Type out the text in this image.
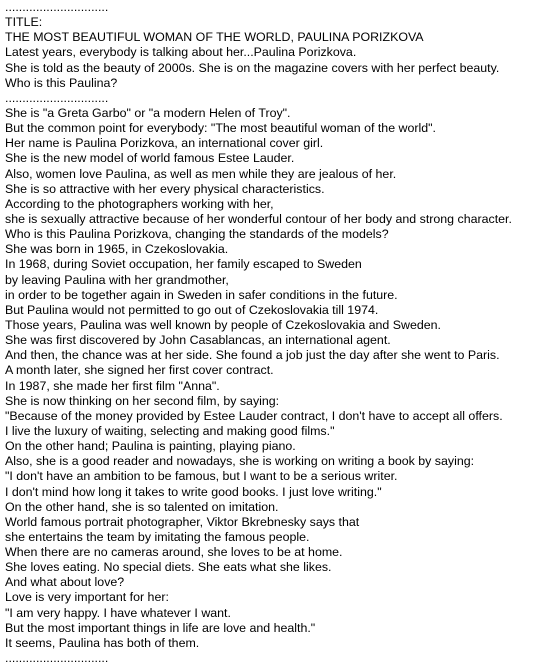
..............................
TITLE:
THE MOST BEAUTIFUL WOMAN OF THE WORLD, PAULINA PORIZKOVA
Latest years, everybody is talking about her...Paulina Porizkova.
She is told as the beauty of 2000s. She is on the magazine covers with her perfect beauty.
Who is this Paulina?
..............................
She is "a Greta Garbo" or "a modern Helen of Troy".
But the common point for everybody: "The most beautiful woman of the world".
Her name is Paulina Porizkova, an international cover girl.
She is the new model of world famous Estee Lauder.
Also, women love Paulina, as well as men while they are jealous of her.
She is so attractive with her every physical characteristics.
According to the photographers working with her,
she is sexually attractive because of her wonderful contour of her body and strong character.
Who is this Paulina Porizkova, changing the standards of the models?
She was born in 1965, in Czekoslovakia.
In 1968, during Soviet occupation, her family escaped to Sweden
by leaving Paulina with her grandmother,
in order to be together again in Sweden in safer conditions in the future.
But Paulina would not permitted to go out of Czekoslovakia till 1974.
Those years, Paulina was well known by people of Czekoslovakia and Sweden.
She was first discovered by John Casablancas, an international agent.
And then, the chance was at her side. She found a job just the day after she went to Paris.
A month later, she signed her first cover contract.
In 1987, she made her first film "Anna".
She is now thinking on her second film, by saying:
"Because of the money provided by Estee Lauder contract, I don't have to accept all offers.
I live the luxury of waiting, selecting and making good films."
On the other hand; Paulina is painting, playing piano.
Also, she is a good reader and nowadays, she is working on writing a book by saying:
"I don't have an ambition to be famous, but I want to be a serious writer.
I don't mind how long it takes to write good books. I just love writing."
On the other hand, she is so talented on imitation.
World famous portrait photographer, Viktor Bkrebnesky says that
she entertains the team by imitating the famous people.
When there are no cameras around, she loves to be at home.
She loves eating. No special diets. She eats what she likes.
And what about love?
Love is very important for her:
"I am very happy. I have whatever I want.
But the most important things in life are love and health."
It seems, Paulina has both of them.
..............................
